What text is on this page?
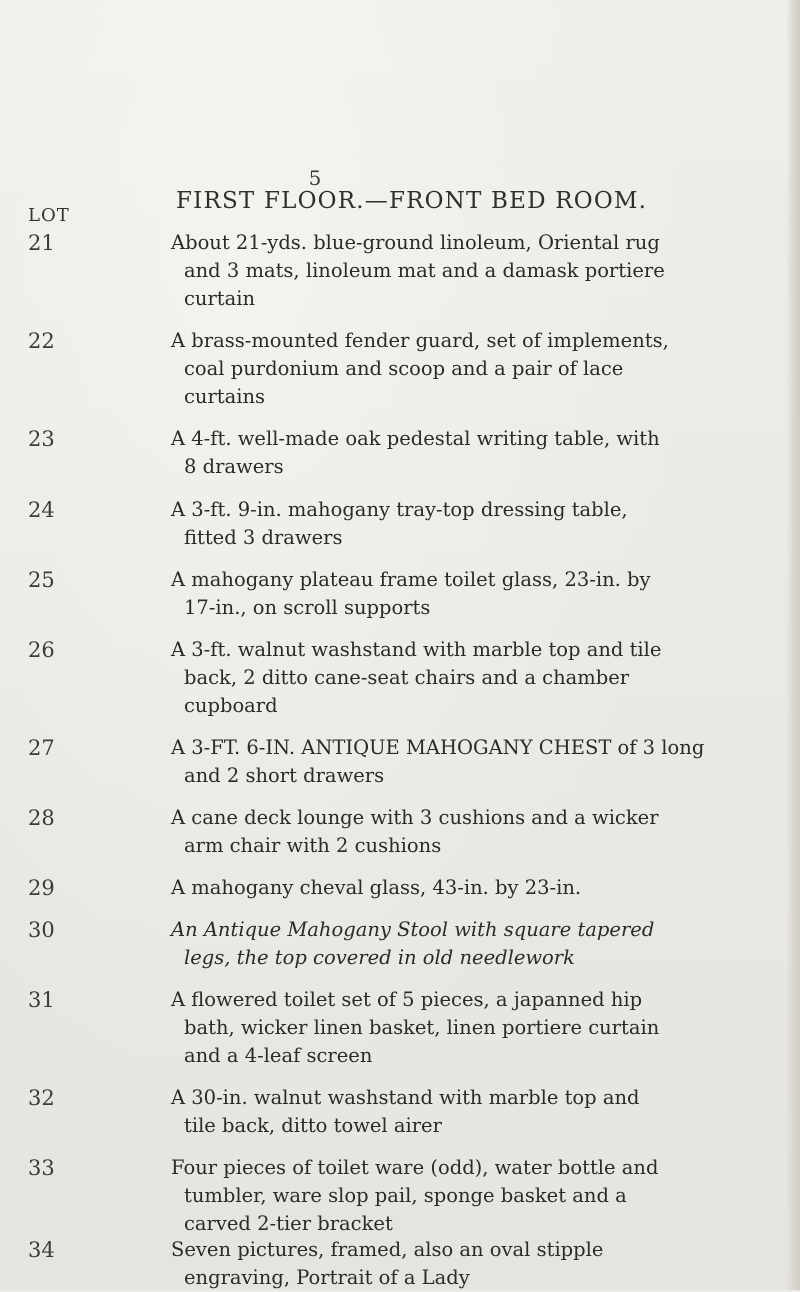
5
FIRST FLOOR.—FRONT BED ROOM.
LOT
21	About 21-yds. blue-ground linoleum, Oriental rug
and 3 mats, linoleum mat and a damask portiere
curtain
22	A brass-mounted fender guard, set of implements,
coal purdonium and scoop and a pair of lace
curtains
23	A 4-ft. well-made oak pedestal writing table, with
8 drawers
24	A 3-ft. 9-in. mahogany tray-top dressing table,
fitted 3 drawers
25	A mahogany plateau frame toilet glass, 23-in. by
17-in., on scroll supports
26	A 3-ft. walnut washstand with marble top and tile
back, 2 ditto cane-seat chairs and a chamber
cupboard
27	A 3-FT. 6-IN. ANTIQUE MAHOGANY CHEST of 3 long
and 2 short drawers
28	A cane deck lounge with 3 cushions and a wicker
arm chair with 2 cushions
29	A mahogany cheval glass, 43-in. by 23-in.
30	An Antique Mahogany Stool with square tapered
legs, the top covered in old needlework
31	A flowered toilet set of 5 pieces, a japanned hip
bath, wicker linen basket, linen portiere curtain
and a 4-leaf screen
32	A 30-in. walnut washstand with marble top and
tile back, ditto towel airer
33	Four pieces of toilet ware (odd), water bottle and
tumbler, ware slop pail, sponge basket and a
carved 2-tier bracket
34	Seven pictures, framed, also an oval stipple
engraving, Portrait of a Lady
